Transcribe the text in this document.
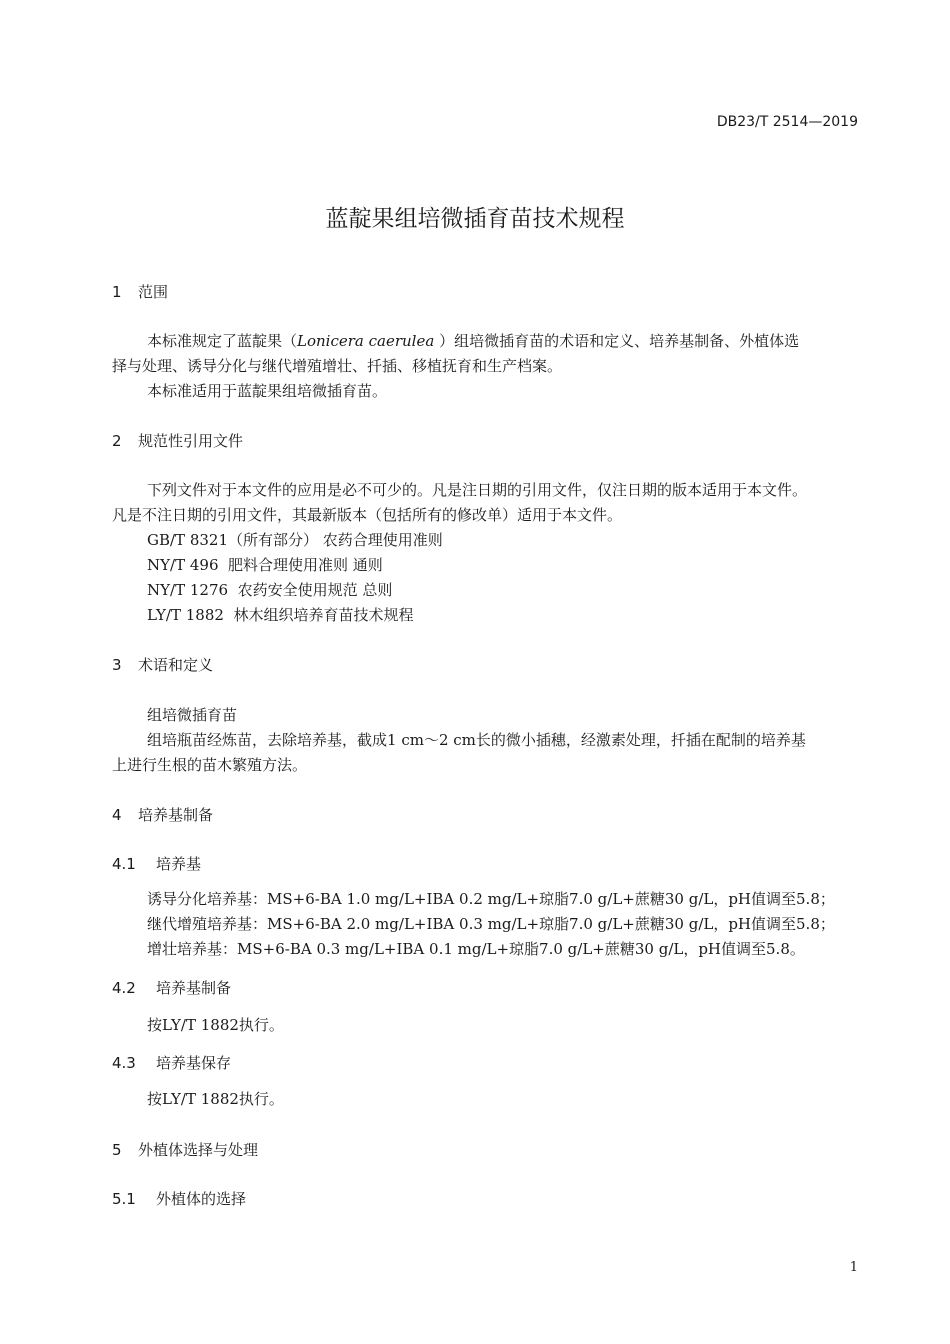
DB23/T 2514—2019
蓝靛果组培微插育苗技术规程
1 范围
本标准规定了蓝靛果（Lonicera caerulea ）组培微插育苗的术语和定义、培养基制备、外植体选
择与处理、诱导分化与继代增殖增壮、扦插、移植抚育和生产档案。
本标准适用于蓝靛果组培微插育苗。
2 规范性引用文件
下列文件对于本文件的应用是必不可少的。凡是注日期的引用文件，仅注日期的版本适用于本文件。
凡是不注日期的引用文件，其最新版本（包括所有的修改单）适用于本文件。
GB/T 8321（所有部分） 农药合理使用准则
NY/T 496  肥料合理使用准则 通则
NY/T 1276  农药安全使用规范 总则
LY/T 1882  林木组织培养育苗技术规程
3 术语和定义
组培微插育苗
组培瓶苗经炼苗，去除培养基，截成1 cm～2 cm长的微小插穗，经激素处理，扦插在配制的培养基
上进行生根的苗木繁殖方法。
4 培养基制备
4.1 培养基
诱导分化培养基：MS+6-BA 1.0 mg/L+IBA 0.2 mg/L+琼脂7.0 g/L+蔗糖30 g/L，pH值调至5.8；
继代增殖培养基：MS+6-BA 2.0 mg/L+IBA 0.3 mg/L+琼脂7.0 g/L+蔗糖30 g/L，pH值调至5.8；
增壮培养基：MS+6-BA 0.3 mg/L+IBA 0.1 mg/L+琼脂7.0 g/L+蔗糖30 g/L，pH值调至5.8。
4.2 培养基制备
按LY/T 1882执行。
4.3 培养基保存
按LY/T 1882执行。
5 外植体选择与处理
5.1 外植体的选择
1
